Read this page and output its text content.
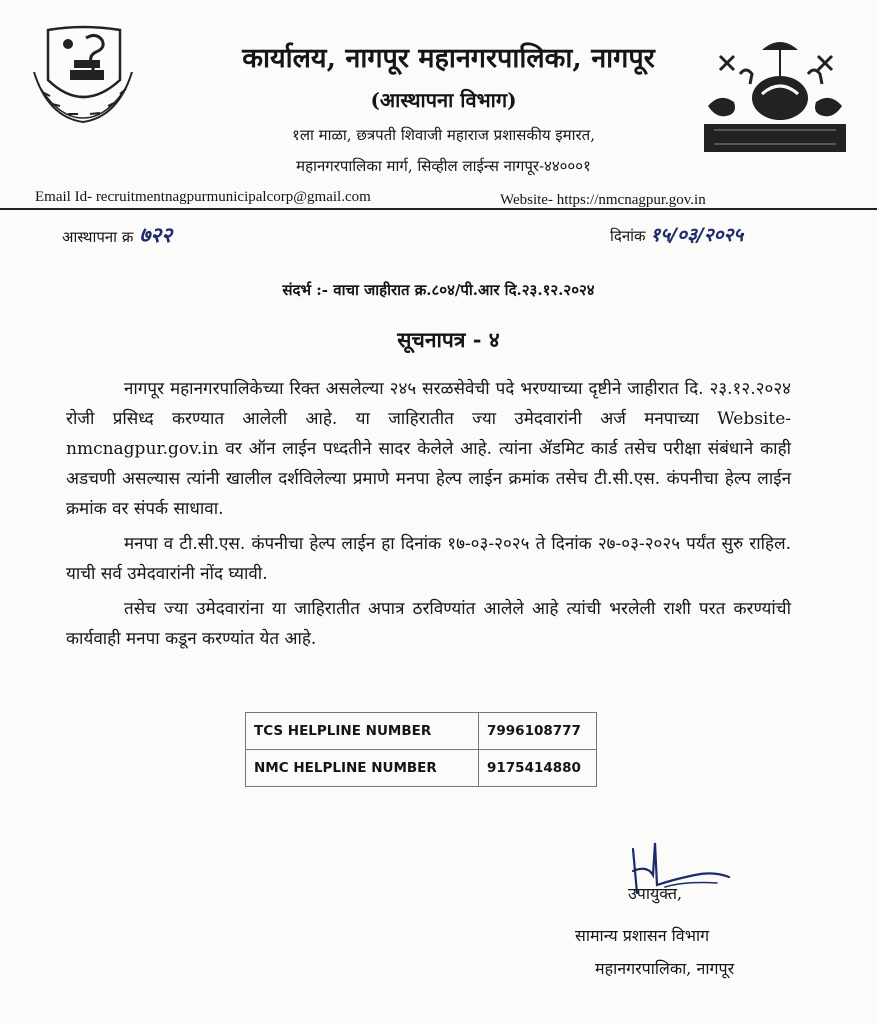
कार्यालय, नागपूर महानगरपालिका, नागपूर
(आस्थापना विभाग)
१ला माळा, छत्रपती शिवाजी महाराज प्रशासकीय इमारत,
महानगरपालिका मार्ग, सिव्हील लाईन्स नागपूर-४४०००१
Email Id- recruitmentnagpurmunicipalcorp@gmail.com	Website- https://nmcnagpur.gov.in
आस्थापना क्र ७२२	दिनांक १५/०३/२०२५
संदर्भ :- वाचा जाहीरात क्र.८०४/पी.आर दि.२३.१२.२०२४
सूचनापत्र - ४

नागपूर महानगरपालिकेच्या रिक्त असलेल्या २४५ सरळसेवेची पदे भरण्याच्या दृष्टीने जाहीरात दि. २३.१२.२०२४ रोजी प्रसिध्द करण्यात आलेली आहे. या जाहिरातीत ज्या उमेदवारांनी अर्ज मनपाच्या Website-nmcnagpur.gov.in वर ऑन लाईन पध्दतीने सादर केलेले आहे. त्यांना ॲडमिट कार्ड तसेच परीक्षा संबंधाने काही अडचणी असल्यास त्यांनी खालील दर्शविलेल्या प्रमाणे मनपा हेल्प लाईन क्रमांक तसेच टी.सी.एस. कंपनीचा हेल्प लाईन क्रमांक वर संपर्क साधावा.

मनपा व टी.सी.एस. कंपनीचा हेल्प लाईन हा दिनांक १७-०३-२०२५ ते दिनांक २७-०३-२०२५ पर्यंत सुरु राहिल. याची सर्व उमेदवारांनी नोंद घ्यावी.

तसेच ज्या उमेदवारांना या जाहिरातीत अपात्र ठरविण्यांत आलेले आहे त्यांची भरलेली राशी परत करण्यांची कार्यवाही मनपा कडून करण्यांत येत आहे.

TCS HELPLINE NUMBER	7996108777
NMC HELPLINE NUMBER	9175414880
उपायुक्त,
सामान्य प्रशासन विभाग
महानगरपालिका, नागपूर
